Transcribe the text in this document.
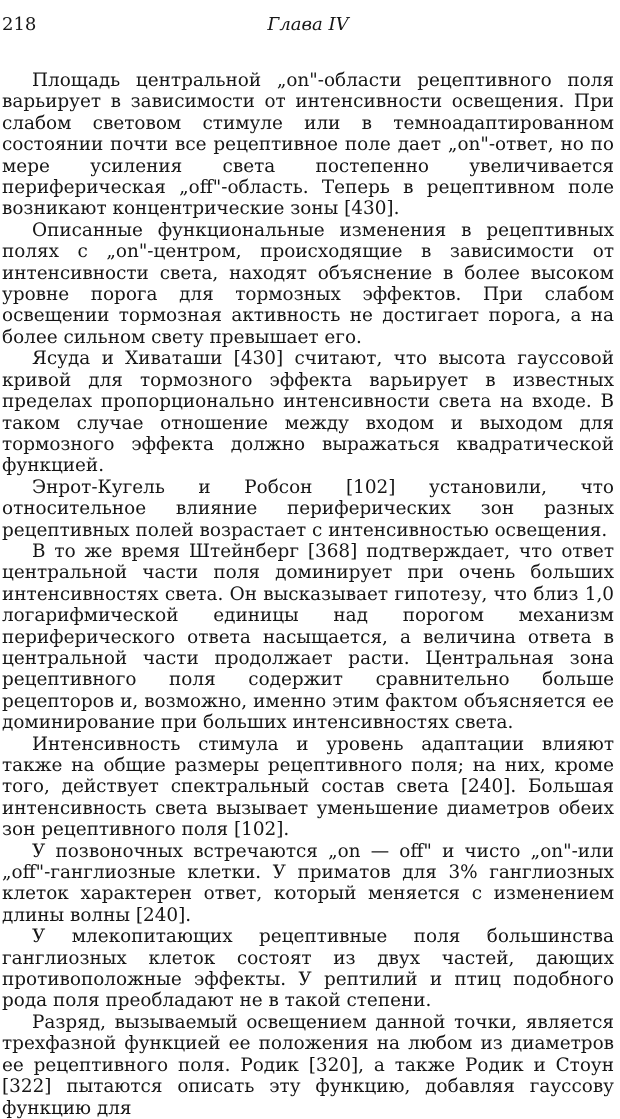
218	Глава IV

Площадь центральной „on"-области рецептивного поля варьирует в зависимости от интенсивности освещения. При слабом световом стимуле или в темноадаптированном состоянии почти все рецептивное поле дает „on"-ответ, но по мере усиления света постепенно увеличивается периферическая „off"-область. Теперь в рецептивном поле возникают концентрические зоны [430].

Описанные функциональные изменения в рецептивных полях с „on"-центром, происходящие в зависимости от интенсивности света, находят объяснение в более высоком уровне порога для тормозных эффектов. При слабом освещении тормозная активность не достигает порога, а на более сильном свету превышает его.

Ясуда и Хиваташи [430] считают, что высота гауссовой кривой для тормозного эффекта варьирует в известных пределах пропорционально интенсивности света на входе. В таком случае отношение между входом и выходом для тормозного эффекта должно выражаться квадратической функцией.

Энрот-Кугель и Робсон [102] установили, что относительное влияние периферических зон разных рецептивных полей возрастает с интенсивностью освещения.

В то же время Штейнберг [368] подтверждает, что ответ центральной части поля доминирует при очень больших интенсивностях света. Он высказывает гипотезу, что близ 1,0 логарифмической единицы над порогом механизм периферического ответа насыщается, а величина ответа в центральной части продолжает расти. Центральная зона рецептивного поля содержит сравнительно больше рецепторов и, возможно, именно этим фактом объясняется ее доминирование при больших интенсивностях света.

Интенсивность стимула и уровень адаптации влияют также на общие размеры рецептивного поля; на них, кроме того, действует спектральный состав света [240]. Большая интенсивность света вызывает уменьшение диаметров обеих зон рецептивного поля [102].

У позвоночных встречаются „on — off" и чисто „on"-или „off"-ганглиозные клетки. У приматов для 3% ганглиозных клеток характерен ответ, который меняется с изменением длины волны [240].

У млекопитающих рецептивные поля большинства ганглиозных клеток состоят из двух частей, дающих противоположные эффекты. У рептилий и птиц подобного рода поля преобладают не в такой степени.

Разряд, вызываемый освещением данной точки, является трехфазной функцией ее положения на любом из диаметров ее рецептивного поля. Родик [320], а также Родик и Стоун [322] пытаются описать эту функцию, добавляя гауссову функцию для
